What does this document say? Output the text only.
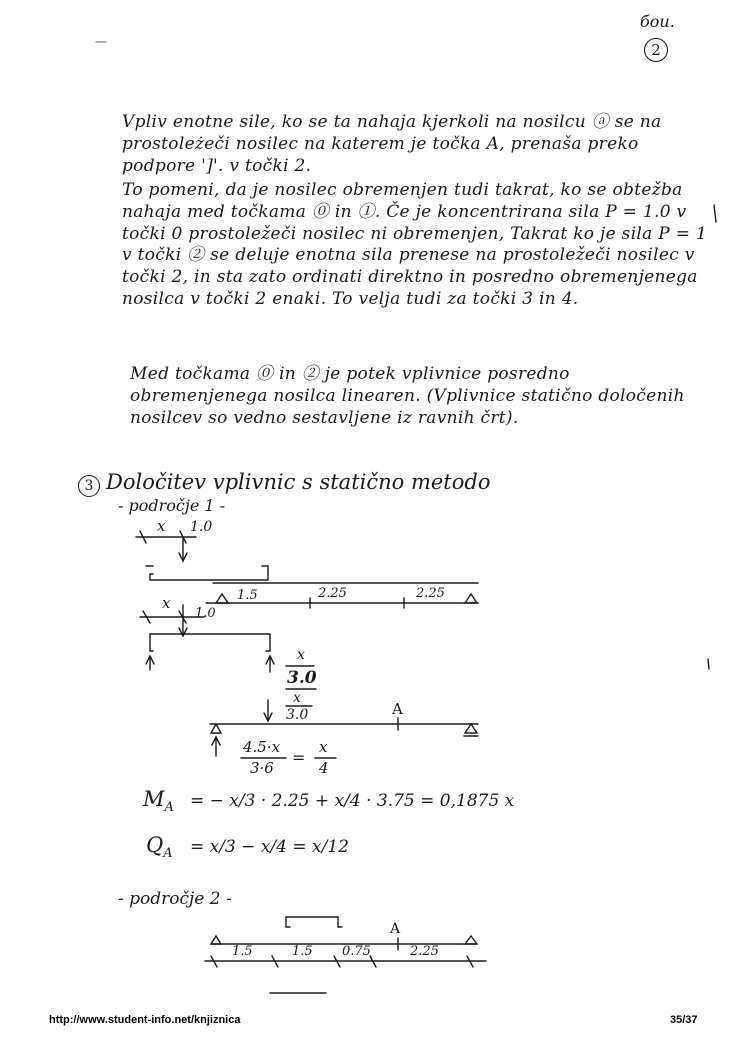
бои.
2
Vpliv enotne sile, ko se ta nahaja kjerkoli na nosilcu ⓐ se na prostoleżeči nosilec na katerem je točka A, prenaša preko podpore ']'. v točki 2.
To pomeni, da je nosilec obremenjen tudi takrat, ko se obtežba nahaja med točkama ⓪ in ①. Če je koncentrirana sila P = 1.0 v točki 0 prostoležeči nosilec ni obremenjen, Takrat ko je sila P = 1 v točki ② se deluje enotna sila prenese na prostoležeči nosilec v točki 2, in sta zato ordinati direktno in posredno obremenjenega nosilca v točki 2 enaki. To velja tudi za točki 3 in 4.
Med točkama ⓪ in ② je potek vplivnice posredno obremenjenega nosilca linearen. (Vplivnice statično določenih nosilcev so vedno sestavljene iz ravnih črt).
3 Določitev vplivnic s statično metodo
- področje 1 -
x 1.0
1.5	2.25	2.25
x
1.0
x
3.0
x
3.0	A
4.5·x
3·6
=
x
4
$M_A$ = − x/3 · 2.25 + x/4 · 3.75 = 0,1875 x
$Q_A = x/3 - x/4 = x/12$
- področje 2 -
A
1.5	1.5 0.75	2.25
http://www.student-info.net/knjiznica	35/37
